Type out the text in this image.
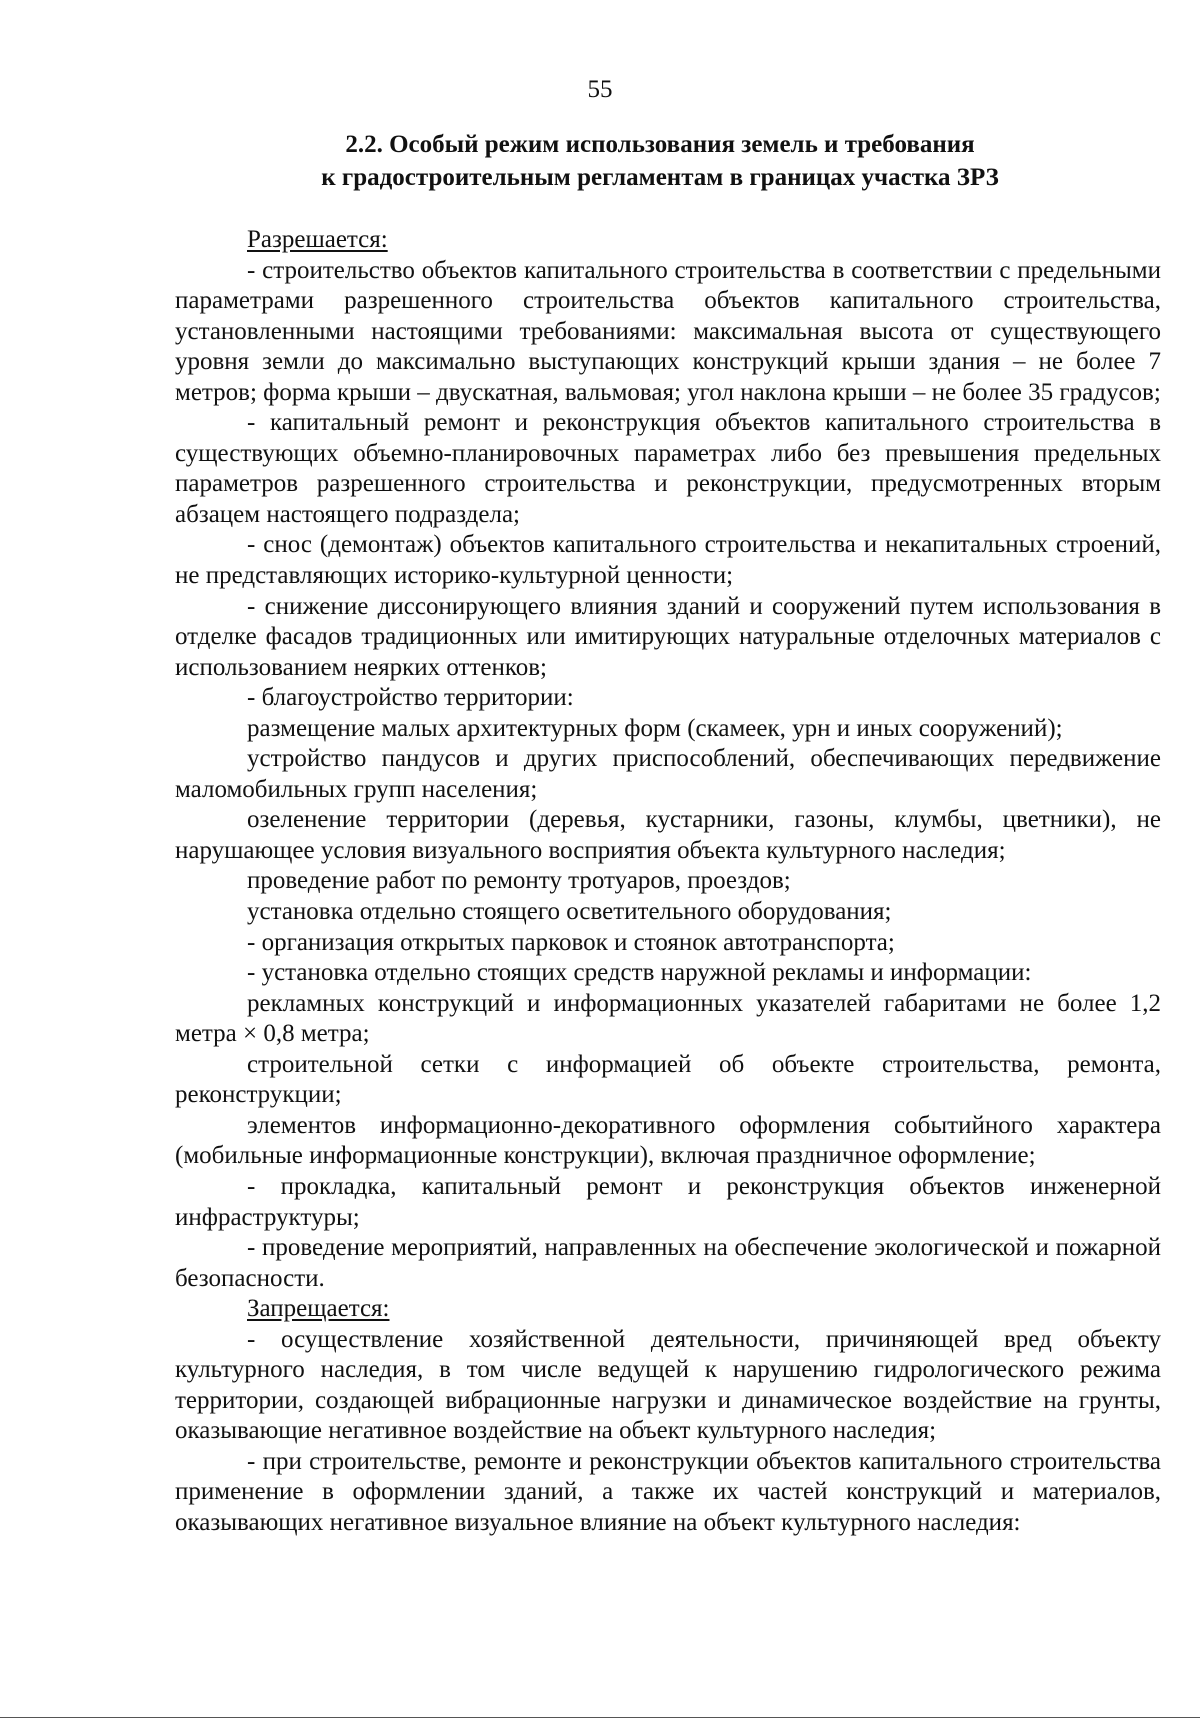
55
2.2. Особый режим использования земель и требования
к градостроительным регламентам в границах участка ЗРЗ

Разрешается:

- строительство объектов капитального строительства в соответствии с предельными параметрами разрешенного строительства объектов капитального строительства, установленными настоящими требованиями: максимальная высота от существующего уровня земли до максимально выступающих конструкций крыши здания – не более 7 метров; форма крыши – двускатная, вальмовая; угол наклона крыши – не более 35 градусов;

- капитальный ремонт и реконструкция объектов капитального строительства в существующих объемно-планировочных параметрах либо без превышения предельных параметров разрешенного строительства и реконструкции, предусмотренных вторым абзацем настоящего подраздела;

- снос (демонтаж) объектов капитального строительства и некапитальных строений, не представляющих историко-культурной ценности;

- снижение диссонирующего влияния зданий и сооружений путем использования в отделке фасадов традиционных или имитирующих натуральные отделочных материалов с использованием неярких оттенков;

- благоустройство территории:

размещение малых архитектурных форм (скамеек, урн и иных сооружений);

устройство пандусов и других приспособлений, обеспечивающих передвижение маломобильных групп населения;

озеленение территории (деревья, кустарники, газоны, клумбы, цветники), не нарушающее условия визуального восприятия объекта культурного наследия;

проведение работ по ремонту тротуаров, проездов;

установка отдельно стоящего осветительного оборудования;

- организация открытых парковок и стоянок автотранспорта;

- установка отдельно стоящих средств наружной рекламы и информации:

рекламных конструкций и информационных указателей габаритами не более 1,2 метра × 0,8 метра;

строительной сетки с информацией об объекте строительства, ремонта, реконструкции;

элементов информационно-декоративного оформления событийного характера (мобильные информационные конструкции), включая праздничное оформление;

- прокладка, капитальный ремонт и реконструкция объектов инженерной инфраструктуры;

- проведение мероприятий, направленных на обеспечение экологической и пожарной безопасности.

Запрещается:

- осуществление хозяйственной деятельности, причиняющей вред объекту культурного наследия, в том числе ведущей к нарушению гидрологического режима территории, создающей вибрационные нагрузки и динамическое воздействие на грунты, оказывающие негативное воздействие на объект культурного наследия;

- при строительстве, ремонте и реконструкции объектов капитального строительства применение в оформлении зданий, а также их частей конструкций и материалов, оказывающих негативное визуальное влияние на объект культурного наследия:
